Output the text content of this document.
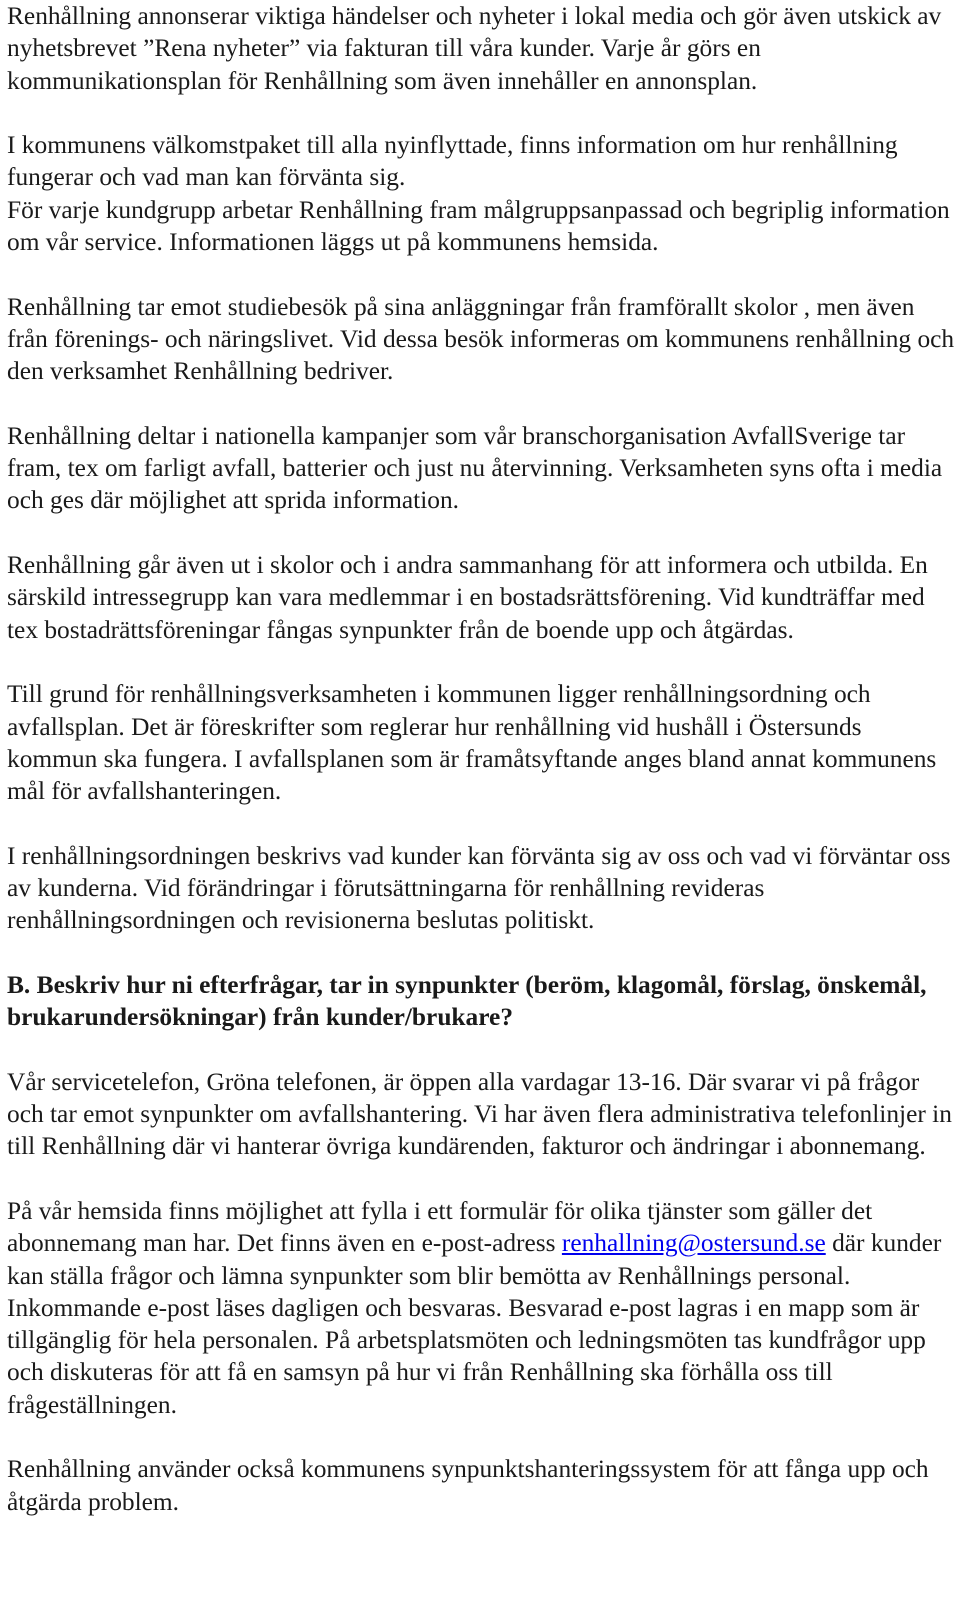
Renhållning annonserar viktiga händelser och nyheter i lokal media och gör även utskick av nyhetsbrevet ”Rena nyheter” via fakturan till våra kunder. Varje år görs en kommunikationsplan för Renhållning som även innehåller en annonsplan.

I kommunens välkomstpaket till alla nyinflyttade, finns information om hur renhållning fungerar och vad man kan förvänta sig.

För varje kundgrupp arbetar Renhållning fram målgruppsanpassad och begriplig information om vår service. Informationen läggs ut på kommunens hemsida.

Renhållning tar emot studiebesök på sina anläggningar från framförallt skolor , men även från förenings- och näringslivet. Vid dessa besök informeras om kommunens renhållning och den verksamhet Renhållning bedriver.

Renhållning deltar i nationella kampanjer som vår branschorganisation AvfallSverige tar fram, tex om farligt avfall, batterier och just nu återvinning. Verksamheten syns ofta i media och ges där möjlighet att sprida information.

Renhållning går även ut i skolor och i andra sammanhang för att informera och utbilda. En särskild intressegrupp kan vara medlemmar i en bostadsrättsförening. Vid kundträffar med tex bostadrättsföreningar fångas synpunkter från de boende upp och åtgärdas.

Till grund för renhållningsverksamheten i kommunen ligger renhållningsordning och avfallsplan. Det är föreskrifter som reglerar hur renhållning vid hushåll i Östersunds kommun ska fungera. I avfallsplanen som är framåtsyftande anges bland annat kommunens mål för avfallshanteringen.

I renhållningsordningen beskrivs vad kunder kan förvänta sig av oss och vad vi förväntar oss av kunderna. Vid förändringar i förutsättningarna för renhållning revideras renhållningsordningen och revisionerna beslutas politiskt.

B. Beskriv hur ni efterfrågar, tar in synpunkter (beröm, klagomål, förslag, önskemål, brukarundersökningar) från kunder/brukare?

Vår servicetelefon, Gröna telefonen, är öppen alla vardagar 13-16. Där svarar vi på frågor och tar emot synpunkter om avfallshantering. Vi har även flera administrativa telefonlinjer in till Renhållning där vi hanterar övriga kundärenden, fakturor och ändringar i abonnemang.

På vår hemsida finns möjlighet att fylla i ett formulär för olika tjänster som gäller det abonnemang man har. Det finns även en e-post-adress renhallning@ostersund.se där kunder kan ställa frågor och lämna synpunkter som blir bemötta av Renhållnings personal. Inkommande e-post läses dagligen och besvaras. Besvarad e-post lagras i en mapp som är tillgänglig för hela personalen. På arbetsplatsmöten och ledningsmöten tas kundfrågor upp och diskuteras för att få en samsyn på hur vi från Renhållning ska förhålla oss till frågeställningen.

Renhållning använder också kommunens synpunktshanteringssystem för att fånga upp och åtgärda problem.
